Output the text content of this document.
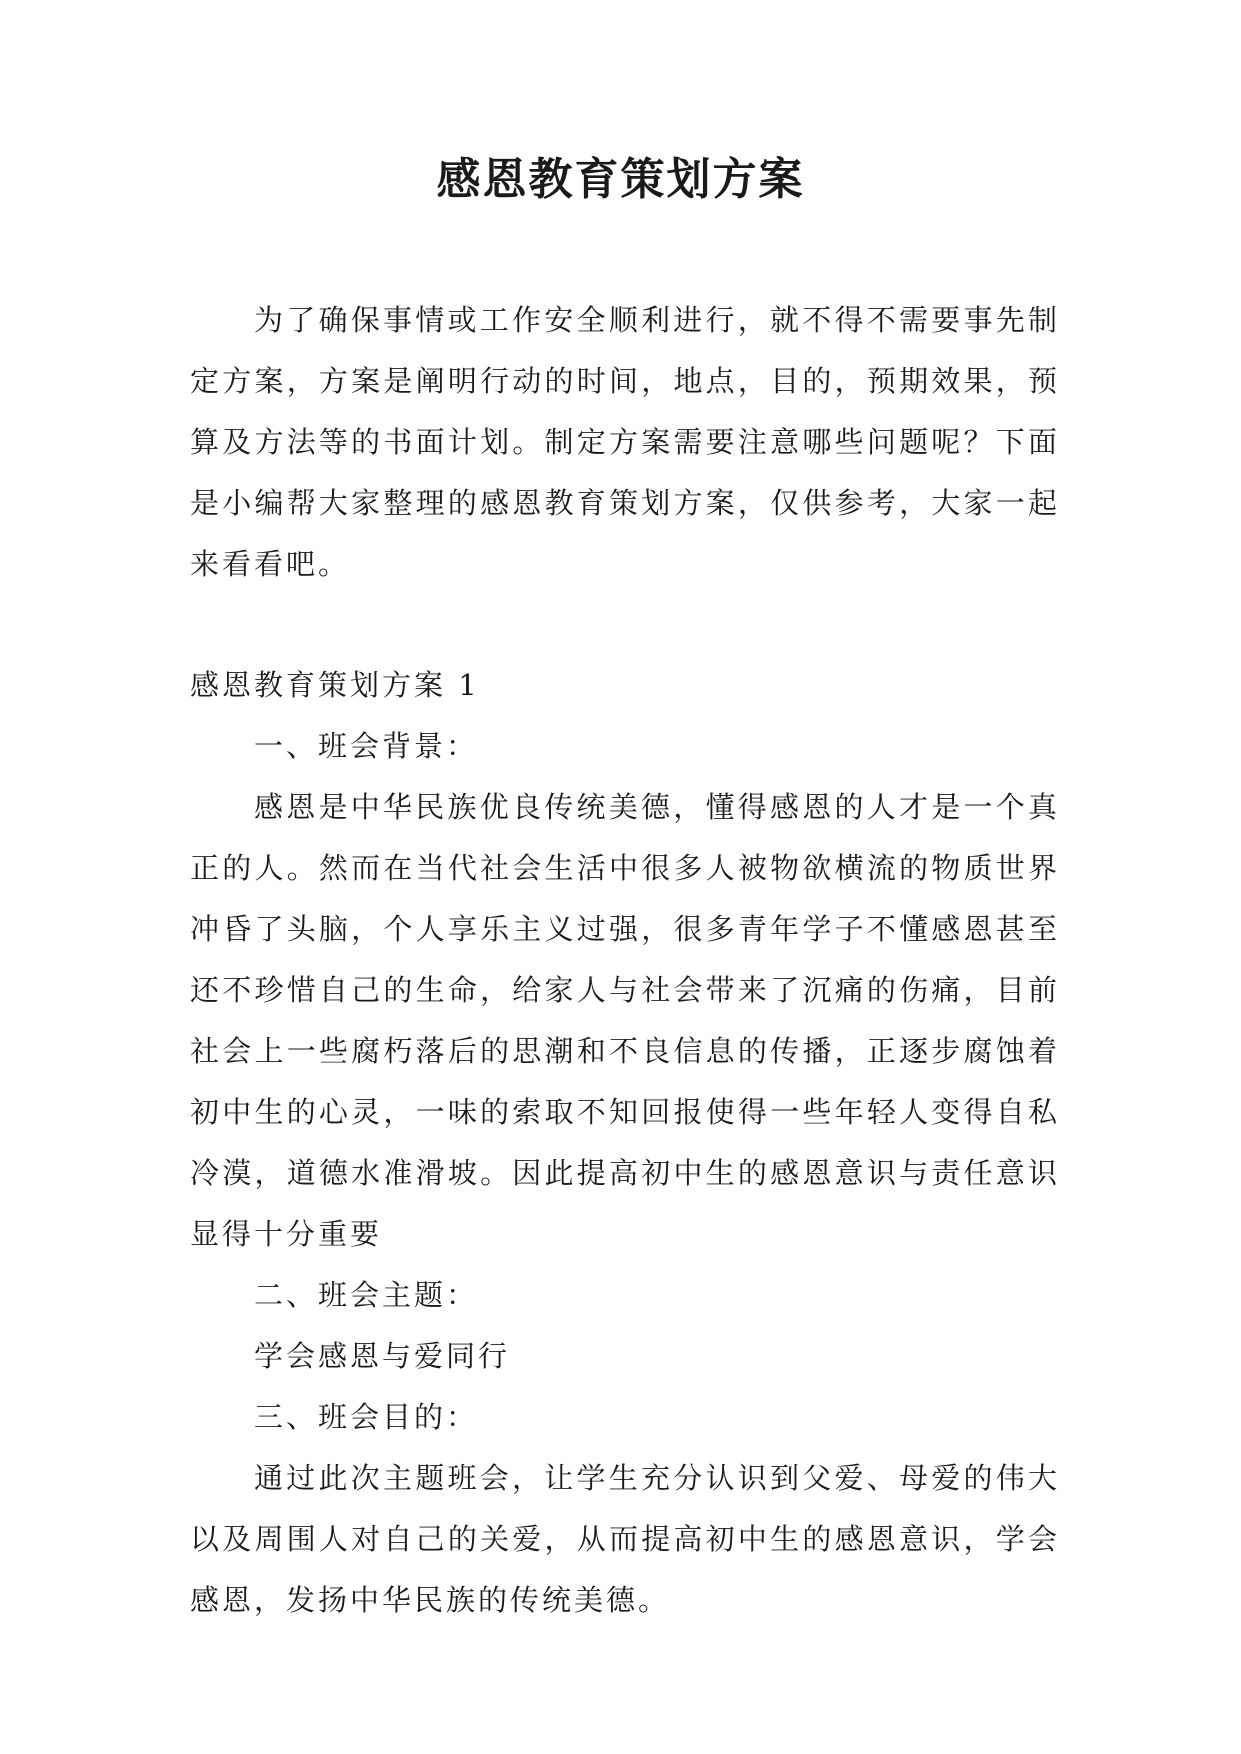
感恩教育策划方案

为了确保事情或工作安全顺利进行，就不得不需要事先制定方案，方案是阐明行动的时间，地点，目的，预期效果，预算及方法等的书面计划。制定方案需要注意哪些问题呢？下面是小编帮大家整理的感恩教育策划方案，仅供参考，大家一起来看看吧。

感恩教育策划方案 1

一、班会背景：

感恩是中华民族优良传统美德，懂得感恩的人才是一个真正的人。然而在当代社会生活中很多人被物欲横流的物质世界冲昏了头脑，个人享乐主义过强，很多青年学子不懂感恩甚至还不珍惜自己的生命，给家人与社会带来了沉痛的伤痛，目前社会上一些腐朽落后的思潮和不良信息的传播，正逐步腐蚀着初中生的心灵，一味的索取不知回报使得一些年轻人变得自私冷漠，道德水准滑坡。因此提高初中生的感恩意识与责任意识显得十分重要

二、班会主题：

学会感恩与爱同行

三、班会目的：

通过此次主题班会，让学生充分认识到父爱、母爱的伟大以及周围人对自己的关爱，从而提高初中生的感恩意识，学会感恩，发扬中华民族的传统美德。
